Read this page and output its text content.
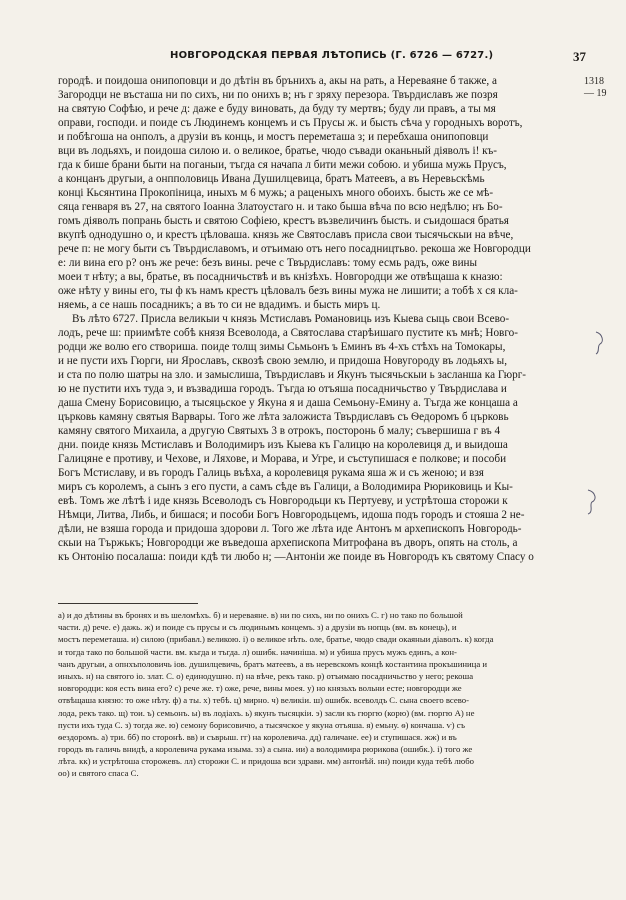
НОВГОРОДСКАЯ ПЕРВАЯ ЛѢТОПИСЬ (Г. 6726 — 6727.)	37
1318
— 19
городѣ. и поидоша онипоповци и до дѣтін въ брънихъ а, акы на рать, а Нереваяне б также, а
Загородци не въсташа ни по сихъ, ни по онихъ в; нъ г зряху перезора. Твърдиславъ же позря
на святую Софѣю, и рече д: даже е буду виновать, да буду ту мертвъ; буду ли правъ, а ты мя
оправи, господи. и поиде съ Людинемъ концемъ и съ Прусы ж. и бысть сѣча у городныхъ воротъ,
и побѣгоша на онполъ, а друзіи въ конць, и мостъ переметаша з; и перебхаша онипоповци
вци въ лодьяхъ, и поидоша силою и. о великое, братье, чюдо съвади оканьный дiяволъ i! къ-
гда к бише брани быти на поганыи, тъгда ся начапа л бити межи собою. и убиша мужь Прусъ,
а концанъ другыи, а онпполовиць Ивана Душилцевица, братъ Матеевъ, а въ Неревьскѣмь
концi Кьсянтина Прокопiница, иныхъ м 6 мужь; а раценыхъ много обоихъ. бысть же се мѣ-
сяца генваря въ 27, на святого Iоанна Златоустаго н. и тако быша вѣча по всю недѣлю; нъ Бо-
гомъ дiяволъ попрань бысть и святою Софiею, крестъ възвеличинъ бысть. и съидошася братья
вкупѣ однодушно о, и крестъ цѣловаша. князь же Святославъ присла свои тысячьскыи на вѣче,
рече п: не могу быти съ Твърдиславомъ, и отъимаю отъ него посадництьво. рекоша же Новгородци
е: ли вина его р? онъ же рече: безъ вины. рече с Твърдиславъ: тому есмь радъ, оже вины
моеи т нѣту; а вы, братье, въ посадничьствѣ и въ кнiзѣхъ. Новгородци же отвѣщаша к кназю:
оже нѣту у вины его, ты ф къ намъ крестъ цѣловалъ безъ вины мужа не лишити; а тобѣ х ся кла-
няемь, а се нашь посадникъ; а въ то си не вдадимъ. и бысть миръ ц.
Въ лѣто 6727. Присла великыи ч князь Мстиславъ Романовиць изъ Кыева сыць свои Всево-
лодъ, рече ш: приимѣте собѣ князя Всеволода, а Святослава старѣишаго пустите къ мнѣ; Новго-
родци же волю его створиша. поиде толщ зимы Сьмьонъ ъ Еминъ въ 4-хъ стѣхъ на Томокары,
и не пусти ихъ Гюрги, ни Ярославъ, сквозѣ свою землю, и придоша Новугороду въ лодьяхъ ы,
и ста по полю шатры на зло. и замыслиша, Твърдиславъ и Якунъ тысячьскыи ь засланша ка Гюрг-
ю не пустити ихъ туда э, и възвадиша городъ. Тъгда ю отъяша посадничьство у Твърдислава и
даша Смену Борисовицю, а тысяцьское у Якуна я и даша Семьону-Емину а. Тъгда же концаша а
църковь камяну святыя Варвары. Того же лѣта заложиста Твърдиславъ съ Ѳедоромъ б църковь
камяну святого Михаила, а другую Святыхъ 3 в отрокъ, посторонь б малу; съвершиша г въ 4
дни. поиде князь Мстиславъ и Володимиръ изъ Кыева къ Галицю на королевиця д, и выидоша
Галицяне е противу, и Чехове, и Ляхове, и Морава, и Угре, и съступишася е полкове; и пособи
Богъ Мстиславу, и въ городъ Галиць въѣха, а королевиця рукама яша ж и съ женою; и взя
миръ съ королемъ, а сынъ з его пусти, а самъ сѣде въ Галици, а Володимира Рюриковиць и Кы-
евѣ. Томъ же лѣтѣ i иде князь Всеволодъ съ Новгородьци къ Пертуеву, и устрѣтоша сторожи к
Нѣмци, Литва, Либь, и бишася; и пособи Богъ Новгородьцемъ, идоша подъ городъ и стояша 2 не-
дѣли, не взяша города и придоша здорови л. Того же лѣта иде Антонъ м архепископъ Новгородь-
скыи на Тържькъ; Новгородци же въведоша архепископа Митрофана въ дворъ, опять на столь, а
къ Онтонiю посалаша: поиди кдѣ ти любо н; —Антонiи же поиде въ Новгородъ къ святому Спасу о
а) и до дѣтины въ бронях и въ шеломѣхъ. б) и нереваяне. в) ни по сихъ, ни по онихъ С. г) но тако по большой
части. д) рече. е) дажь. ж) и поиде съ прусы и съ людинымъ концемъ. з) а друзiи въ нопць (вм. въ конець), и
мостъ переметаша. и) силою (прибавл.) великою. i) о великое нѣть. оле, братье, чюдо свади окаяныи дiаволъ. к) когда
и тогда тако по большой части. вм. къгда и тъгда. л) ошибк. начинiша. м) и убиша прусъ мужъ единъ, а кон-
чанъ другыи, а опнхъполовичь iов. душилцевичь, братъ матеевъ, а въ неревскомъ концѣ костантина прокъшиница и
иныхъ. н) на святого io. злат. С. о) единодушно. п) на вѣче, рекъ тако. р) отъимаю посадничьство у него; рекоша
новгородци: коя есть вина его? с) рече же. т) оже, рече, вины моея. у) но князьхъ вольни есте; новгородци же
отвѣщаша князю: то оже нѣту. ф) а ты. х) тебѣ. ц) мирно. ч) великiи. ш) ошибк. всеволдъ С. сына своего всево-
лода, рекъ тако. щ) тои. ъ) семьонъ. ы) въ лодiахъ. ь) якунъ тысяцкiи. э) засли къ гюргю (корю) (вм. гюргю А) не
пусти ихъ туда С. з) тогда же. ю) семону борисовичю, а тысячское у якуна отъяша. я) емьну. ѳ) кончаша. ѵ) съ
ѳездоромъ. а) три. бб) по сторонѣ. вв) и съврыш. гг) на королевича. дд) галичане. ее) и ступишася. жж) и въ
городъ въ галичь внидѣ, а королевича рукама изыма. зз) а сына. ии) а володимира рюрикова (ошибк.). i) того же
лѣта. кк) и устрѣтоша сторожевъ. лл) сторожи С. и придоша вси здрави. мм) антонѣй. нн) поиди куда тебѣ любо
оо) и святого спаса С.
